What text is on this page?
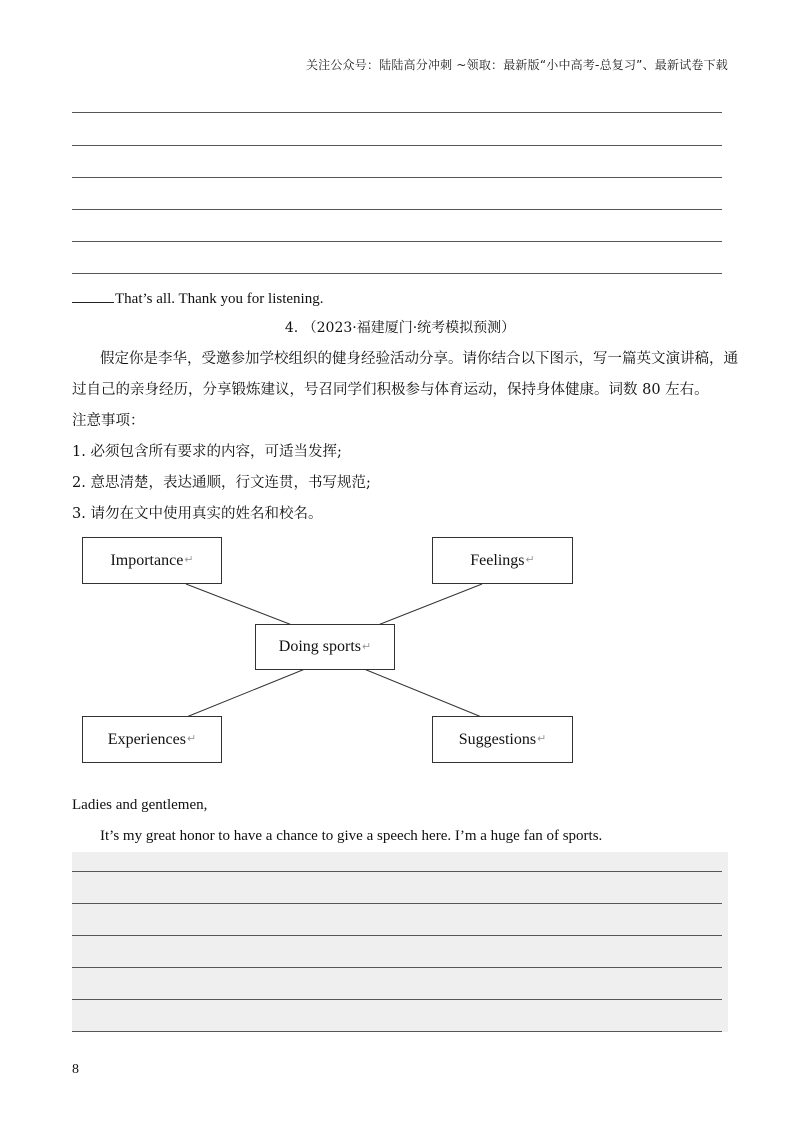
关注公众号：陆陆高分冲刺 ~领取：最新版“小中高考-总复习”、最新试卷下载
That’s all. Thank you for listening.
4. （2023·福建厦门·统考模拟预测）
假定你是李华，受邀参加学校组织的健身经验活动分享。请你结合以下图示，写一篇英文演讲稿，通
过自己的亲身经历，分享锻炼建议，号召同学们积极参与体育运动，保持身体健康。词数 80 左右。
注意事项：
1. 必须包含所有要求的内容，可适当发挥;
2. 意思清楚，表达通顺，行文连贯，书写规范;
3. 请勿在文中使用真实的姓名和校名。
Importance ↵	Feelings ↵
Doing sports ↵
Experiences ↵	Suggestions ↵
Ladies and gentlemen,
It’s my great honor to have a chance to give a speech here. I’m a huge fan of sports.
8
